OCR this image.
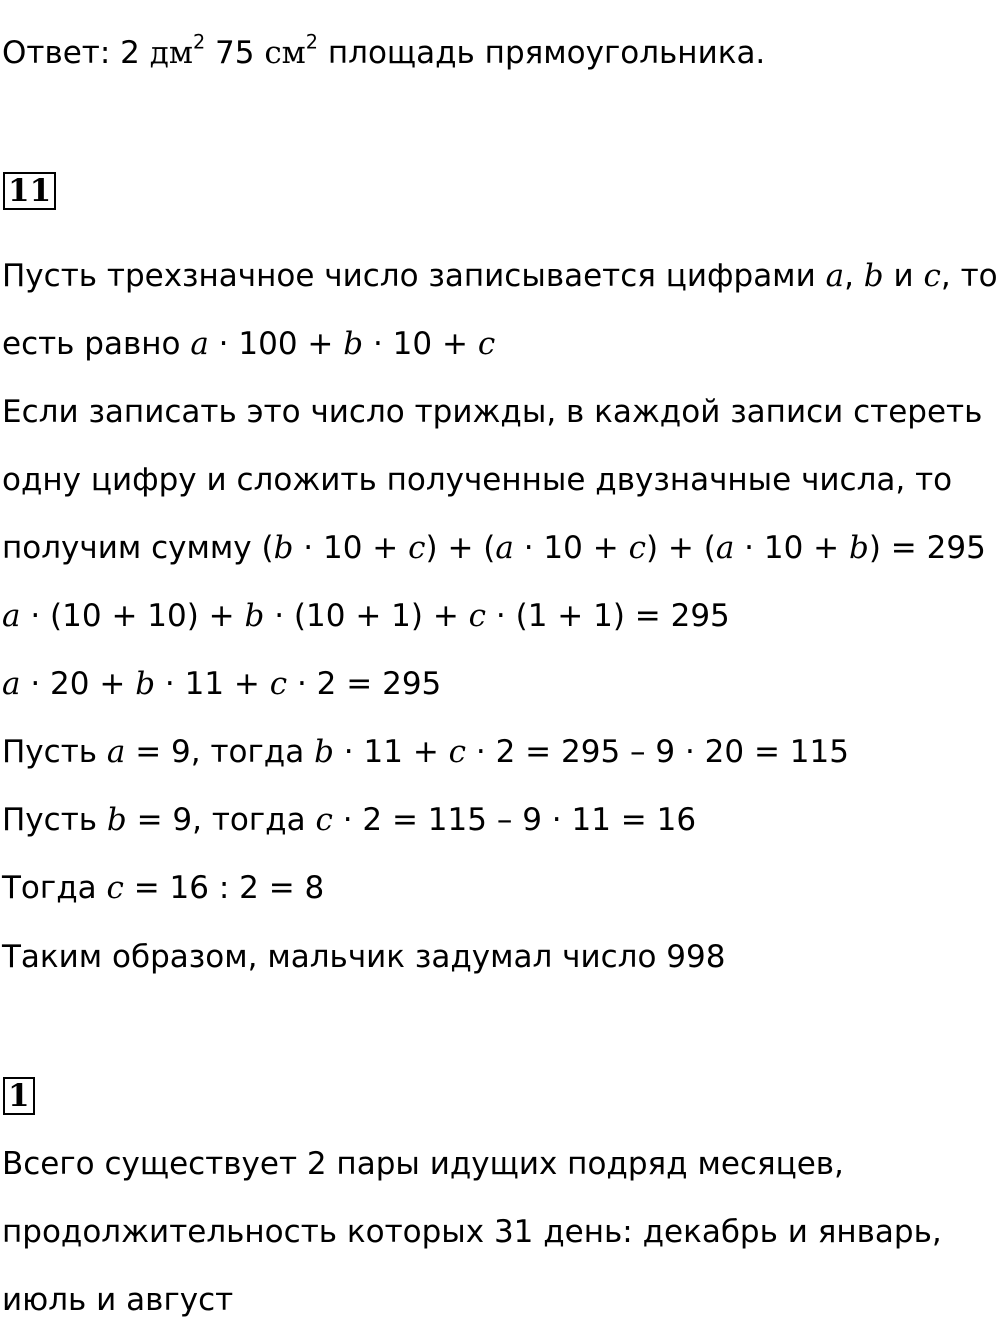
Ответ: 2 $дм^2$ 75 $см^2$ площадь прямоугольника.
11
Пусть трехзначное число записывается цифрами a, b и c, то
есть равно a · 100 + b · 10 + c
Если записать это число трижды, в каждой записи стереть
одну цифру и сложить полученные двузначные числа, то
получим сумму (b · 10 + c) + (a · 10 + c) + (a · 10 + b) = 295
a · (10 + 10) + b · (10 + 1) + c · (1 + 1) = 295
a · 20 + b · 11 + c · 2 = 295
Пусть a = 9, тогда b · 11 + c · 2 = 295 – 9 · 20 = 115
Пусть b = 9, тогда c · 2 = 115 – 9 · 11 = 16
Тогда c = 16 : 2 = 8
Таким образом, мальчик задумал число 998
1
Всего существует 2 пары идущих подряд месяцев,
продолжительность которых 31 день: декабрь и январь,
июль и август
